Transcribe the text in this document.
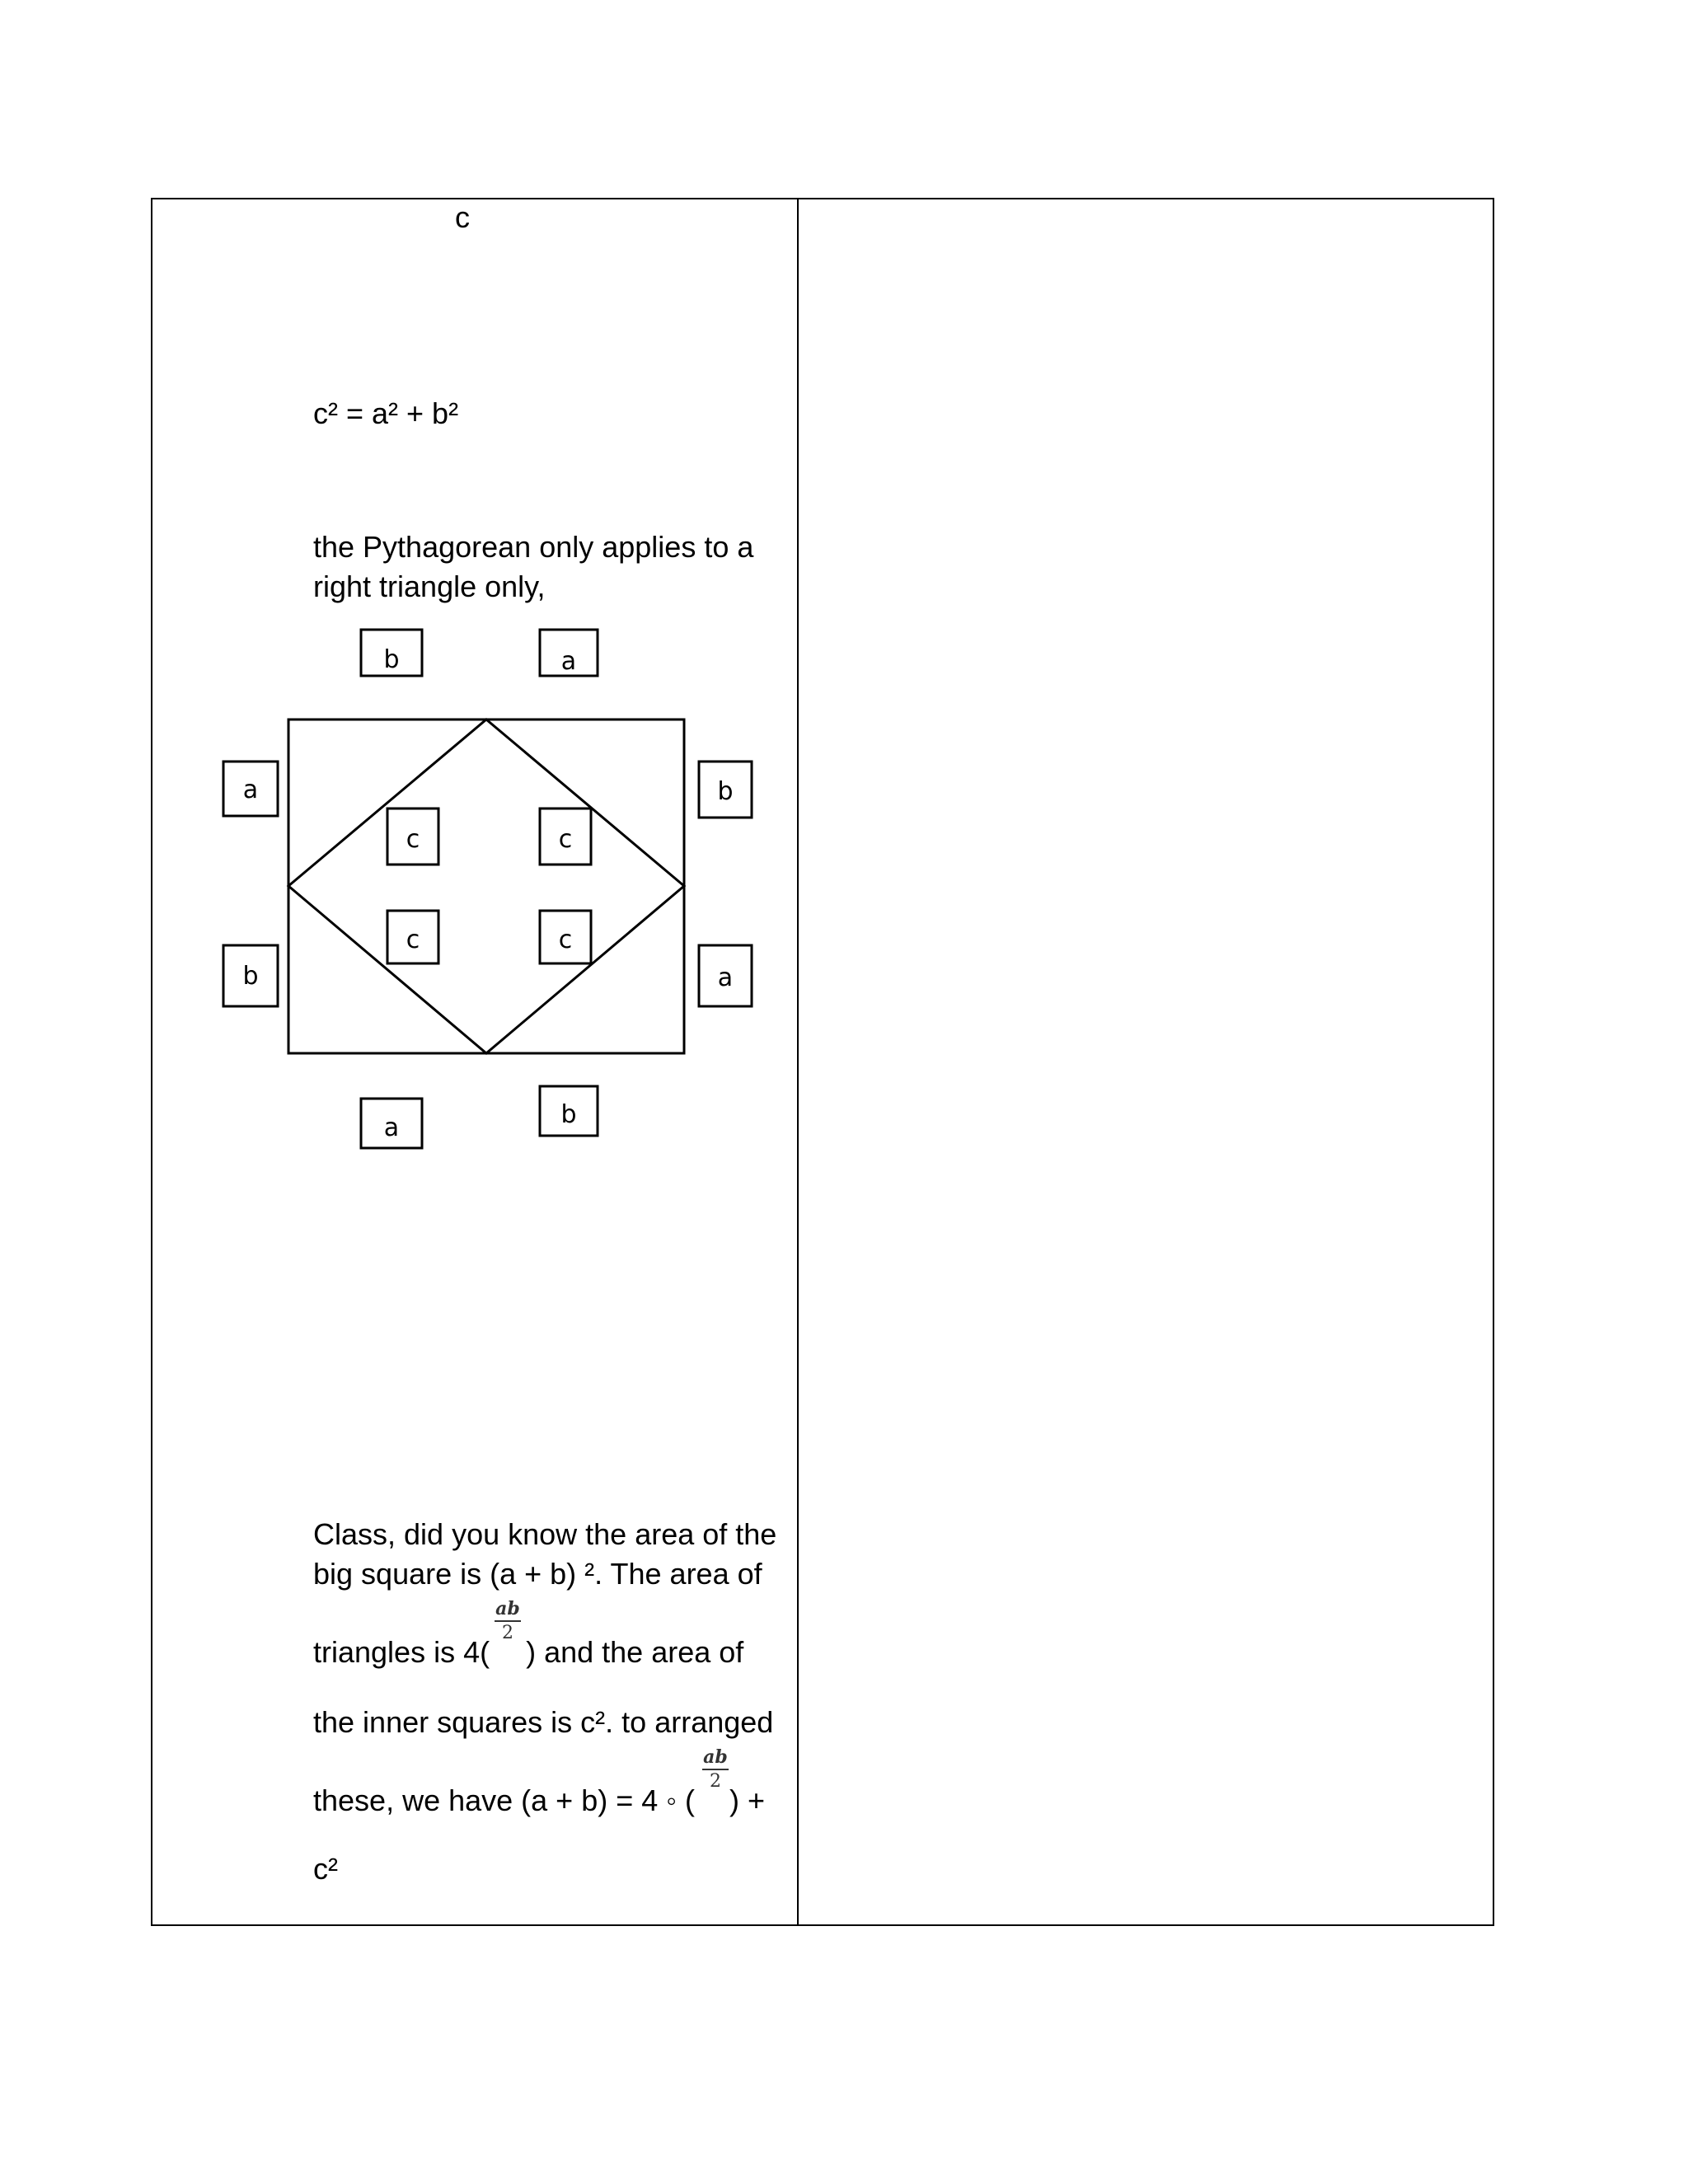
c
c² = a² + b²
the Pythagorean only applies to a
right triangle only,
b	a
a
b
b
a
c	c
c	c
a	b
Class, did you know the area of the
big square is (a + b) ². The area of
triangles is 4( ) and the area of
ab
2
the inner squares is c². to arranged
these, we have (a + b) = 4 ◦ ( ) +
ab
2
c²
